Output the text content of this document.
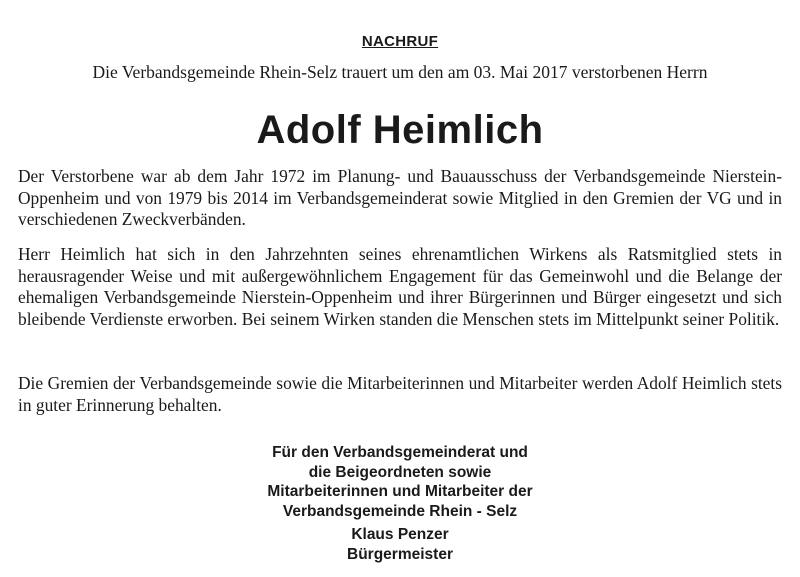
NACHRUF
Die Verbandsgemeinde Rhein-Selz trauert um den am 03. Mai 2017 verstorbenen Herrn
Adolf Heimlich

Der Verstorbene war ab dem Jahr 1972 im Planung- und Bauausschuss der Verbandsgemeinde Nierstein-Oppenheim und von 1979 bis 2014 im Verbandsgemeinderat sowie Mitglied in den Gremien der VG und in verschiedenen Zweckverbänden.

Herr Heimlich hat sich in den Jahrzehnten seines ehrenamtlichen Wirkens als Ratsmitglied stets in herausragender Weise und mit außergewöhnlichem Engagement für das Gemeinwohl und die Belange der ehemaligen Verbandsgemeinde Nierstein-Oppenheim und ihrer Bürgerinnen und Bürger eingesetzt und sich bleibende Verdienste erworben. Bei seinem Wirken standen die Menschen stets im Mittelpunkt seiner Politik.

Die Gremien der Verbandsgemeinde sowie die Mitarbeiterinnen und Mitarbeiter werden Adolf Heimlich stets in guter Erinnerung behalten.

Für den Verbandsgemeinderat und
die Beigeordneten sowie
Mitarbeiterinnen und Mitarbeiter der
Verbandsgemeinde Rhein - Selz
Klaus Penzer
Bürgermeister
